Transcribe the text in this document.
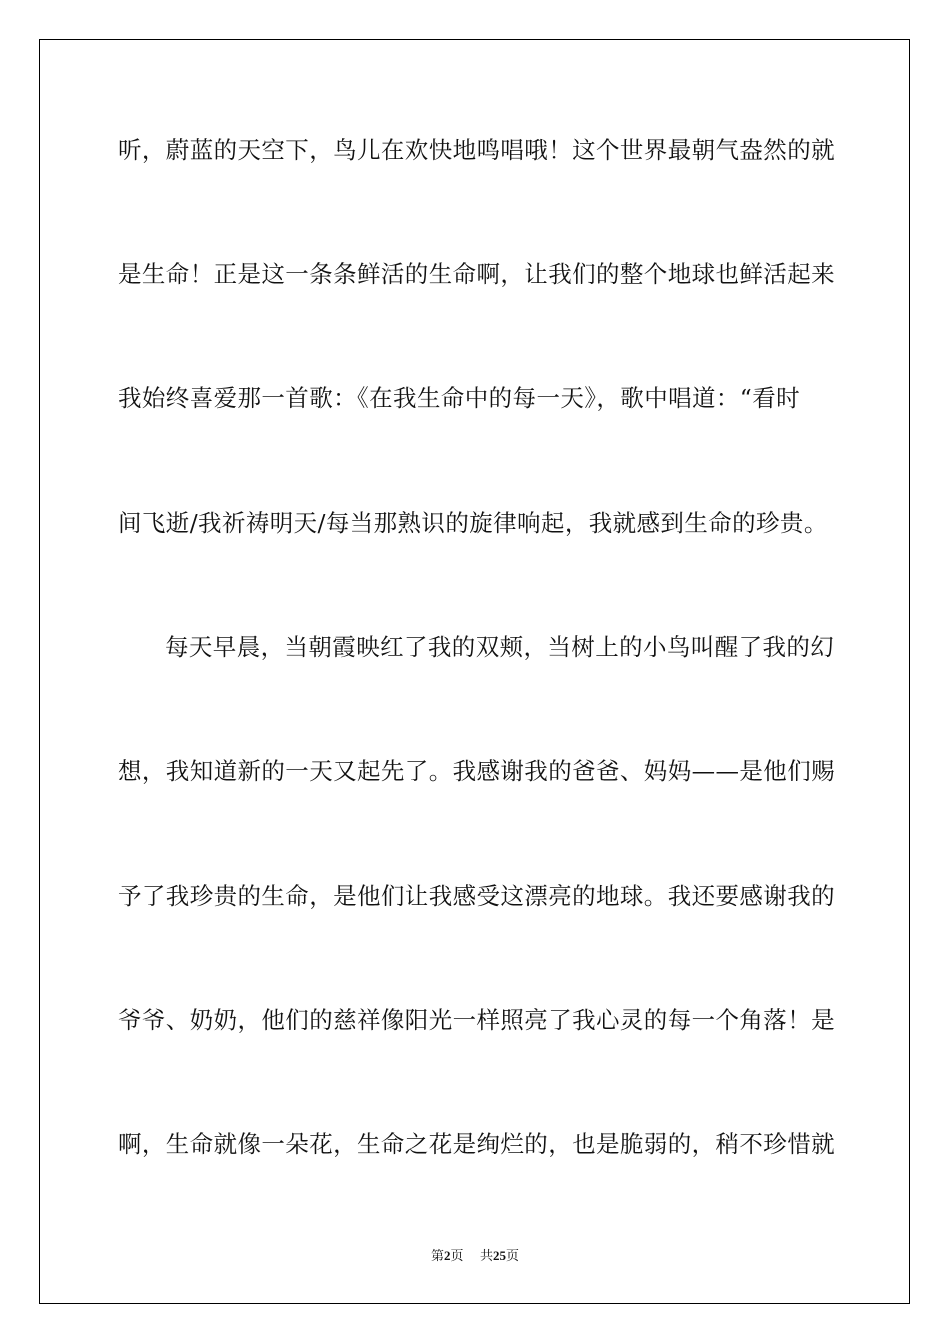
听，蔚蓝的天空下，鸟儿在欢快地鸣唱哦！这个世界最朝气盎然的就
是生命！正是这一条条鲜活的生命啊，让我们的整个地球也鲜活起来
我始终喜爱那一首歌：《在我生命中的每一天》，歌中唱道：“看时
间飞逝/我祈祷明天/每当那熟识的旋律响起，我就感到生命的珍贵。
每天早晨，当朝霞映红了我的双颊，当树上的小鸟叫醒了我的幻
想，我知道新的一天又起先了。我感谢我的爸爸、妈妈——是他们赐
予了我珍贵的生命，是他们让我感受这漂亮的地球。我还要感谢我的
爷爷、奶奶，他们的慈祥像阳光一样照亮了我心灵的每一个角落！是
啊，生命就像一朵花，生命之花是绚烂的，也是脆弱的，稍不珍惜就
第2页 共25页
